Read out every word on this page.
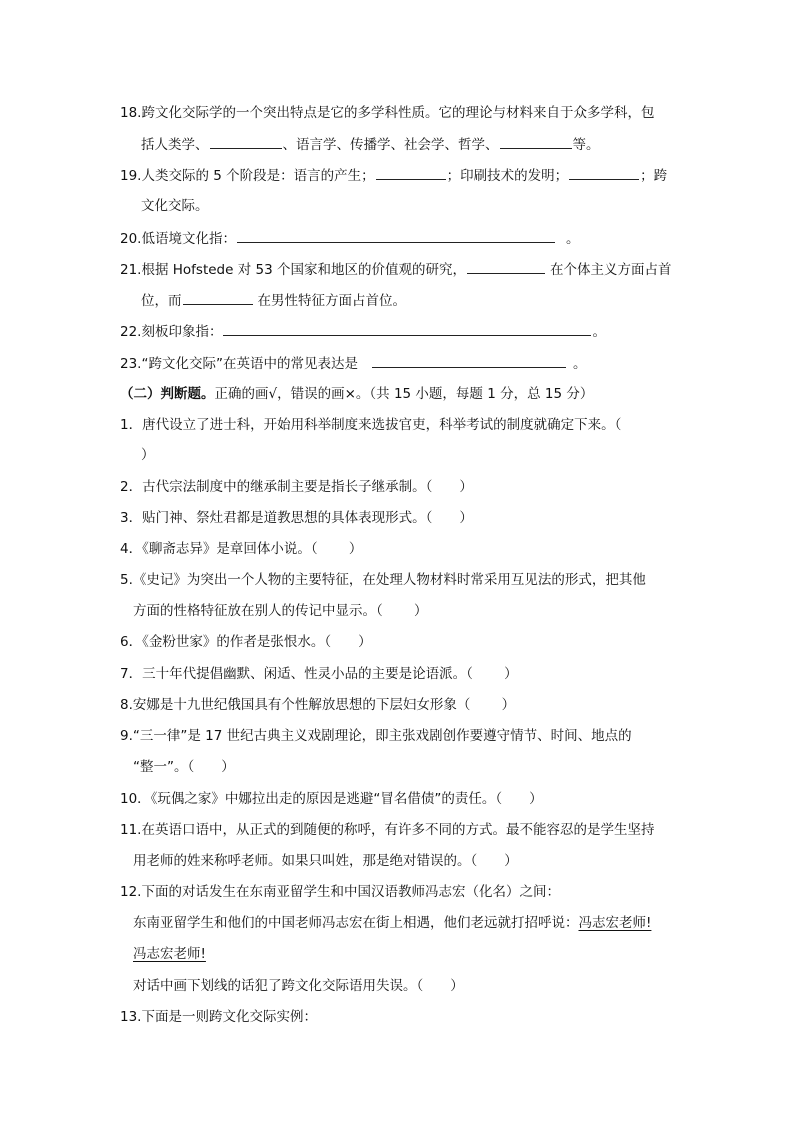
18.跨文化交际学的一个突出特点是它的多学科性质。它的理论与材料来自于众多学科，包
括人类学、	、语言学、传播学、社会学、哲学、	等。
19.人类交际的 5 个阶段是：语言的产生；	；印刷技术的发明；	；跨
文化交际。
20.低语境文化指：	。
21.根据 Hofstede 对 53 个国家和地区的价值观的研究，	在个体主义方面占首
位，而	在男性特征方面占首位。
22.刻板印象指：	。
23.“跨文化交际”在英语中的常见表达是	。
（二）判断题。正确的画√，错误的画×。（共 15 小题，每题 1 分，总 15 分）
1．唐代设立了进士科，开始用科举制度来选拔官吏，科举考试的制度就确定下来。（
）
2．古代宗法制度中的继承制主要是指长子继承制。（　　）
3．贴门神、祭灶君都是道教思想的具体表现形式。（　　）
4．《聊斋志异》是章回体小说。（　　 ）
5.《史记》为突出一个人物的主要特征，在处理人物材料时常采用互见法的形式，把其他
方面的性格特征放在别人的传记中显示。（　　 ）
6．《金粉世家》的作者是张恨水。（　　）
7．三十年代提倡幽默、闲适、性灵小品的主要是论语派。（　　 ）
8.安娜是十九世纪俄国具有个性解放思想的下层妇女形象（　　 ）
9.“三一律”是 17 世纪古典主义戏剧理论，即主张戏剧创作要遵守情节、时间、地点的
“整一”。（　　）
10．《玩偶之家》中娜拉出走的原因是逃避“冒名借债”的责任。（　　）
11.在英语口语中，从正式的到随便的称呼，有许多不同的方式。最不能容忍的是学生坚持
用老师的姓来称呼老师。如果只叫姓，那是绝对错误的。（　　）
12.下面的对话发生在东南亚留学生和中国汉语教师冯志宏（化名）之间：
东南亚留学生和他们的中国老师冯志宏在街上相遇，他们老远就打招呼说：冯志宏老师!
冯志宏老师!
对话中画下划线的话犯了跨文化交际语用失误。（　　）
13.下面是一则跨文化交际实例：
